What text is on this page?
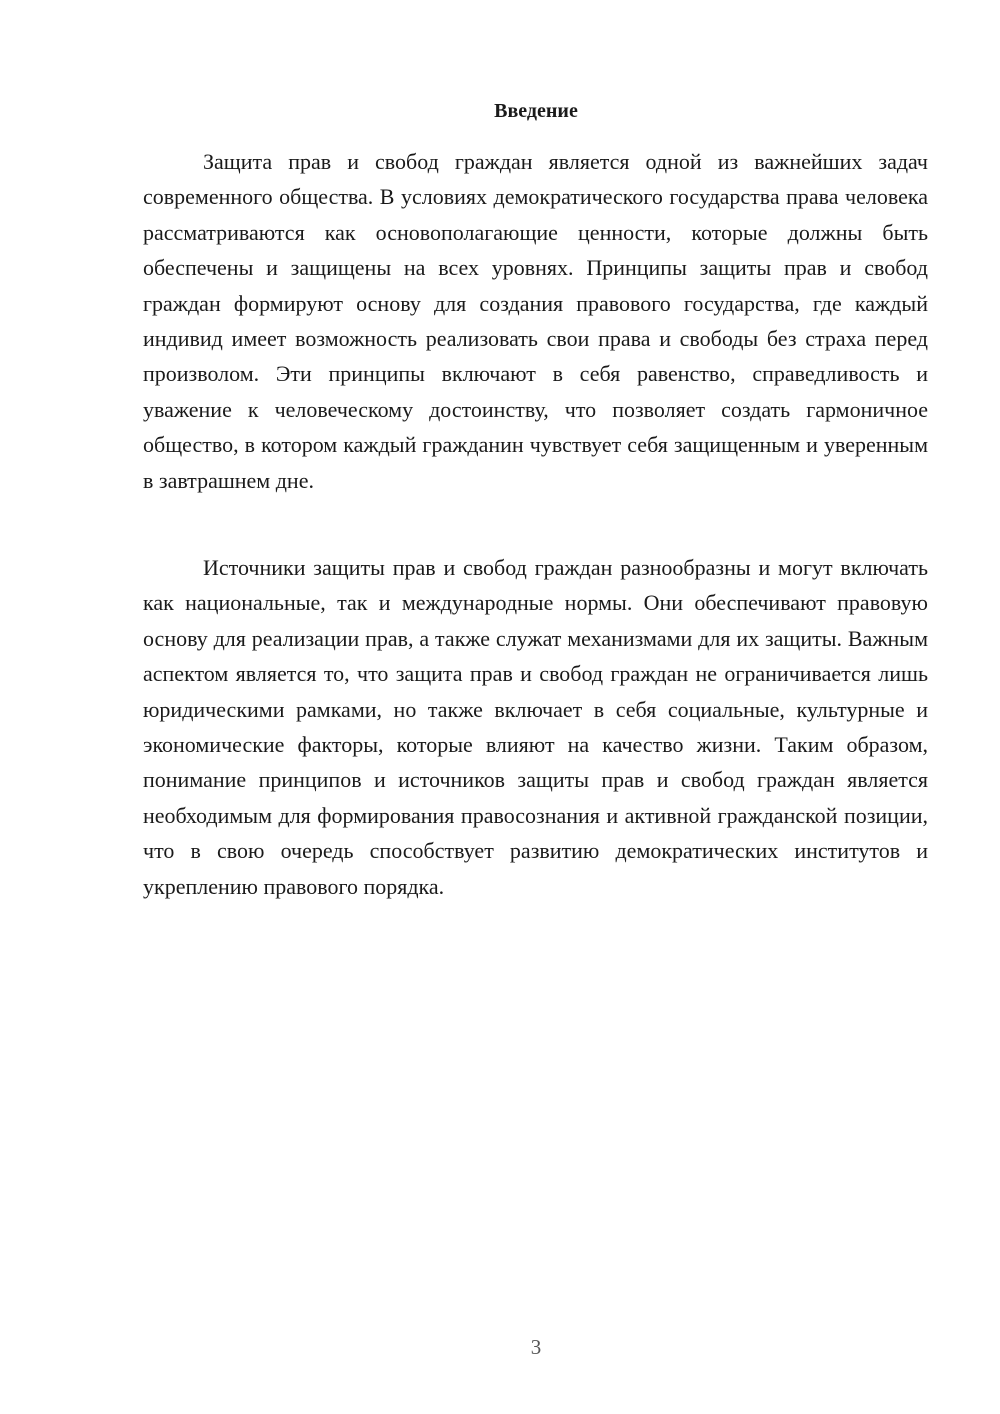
Введение

Защита прав и свобод граждан является одной из важнейших задач современного общества. В условиях демократического государства права человека рассматриваются как основополагающие ценности, которые должны быть обеспечены и защищены на всех уровнях. Принципы защиты прав и свобод граждан формируют основу для создания правового государства, где каждый индивид имеет возможность реализовать свои права и свободы без страха перед произволом. Эти принципы включают в себя равенство, справедливость и уважение к человеческому достоинству, что позволяет создать гармоничное общество, в котором каждый гражданин чувствует себя защищенным и уверенным в завтрашнем дне.

Источники защиты прав и свобод граждан разнообразны и могут включать как национальные, так и международные нормы. Они обеспечивают правовую основу для реализации прав, а также служат механизмами для их защиты. Важным аспектом является то, что защита прав и свобод граждан не ограничивается лишь юридическими рамками, но также включает в себя социальные, культурные и экономические факторы, которые влияют на качество жизни. Таким образом, понимание принципов и источников защиты прав и свобод граждан является необходимым для формирования правосознания и активной гражданской позиции, что в свою очередь способствует развитию демократических институтов и укреплению правового порядка.

3
